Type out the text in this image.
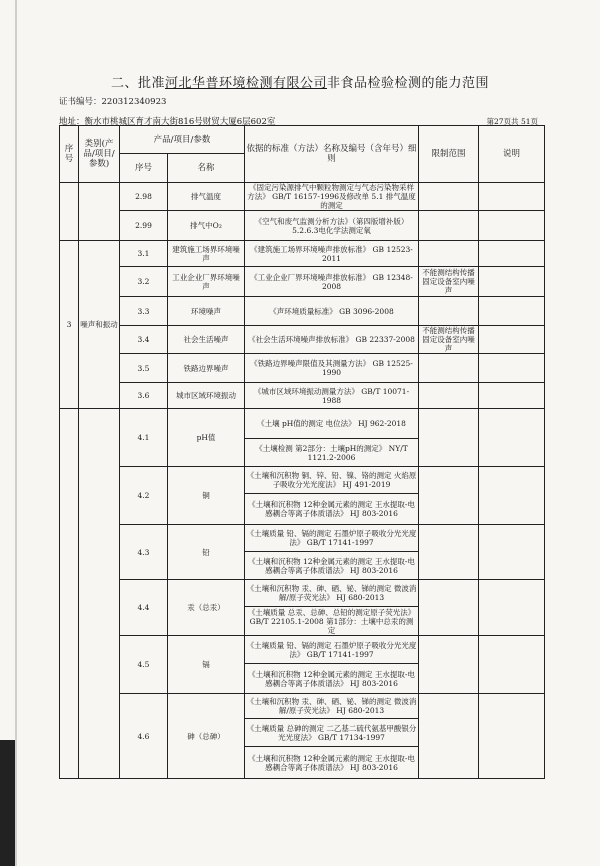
二、批准河北华普环境检测有限公司非食品检验检测的能力范围
证书编号：220312340923
地址：衡水市桃城区育才南大街816号财贸大厦6层602室	第27页共 51页
序号	类别(产品/项目/参数)	产品/项目/参数		依据的标准（方法）名称及编号（含年号）细则	限制范围	说明
		序号	名称			
		2.98	排气温度	《固定污染源排气中颗粒物测定与气态污染物采样方法》 GB/T 16157-1996及修改单 5.1 排气温度的测定		
		2.99	排气中O₂	《空气和废气监测分析方法》（第四版增补版） 5.2.6.3电化学法测定氧		
3	噪声和振动	3.1	建筑施工场界环境噪声	《建筑施工场界环境噪声排放标准》 GB 12523-2011		
		3.2	工业企业厂界环境噪声	《工业企业厂界环境噪声排放标准》 GB 12348-2008	不能测结构传播固定设备室内噪声	
		3.3	环境噪声	《声环境质量标准》 GB 3096-2008		
		3.4	社会生活噪声	《社会生活环境噪声排放标准》 GB 22337-2008	不能测结构传播固定设备室内噪声	
		3.5	铁路边界噪声	《铁路边界噪声限值及其测量方法》 GB 12525-1990		
		3.6	城市区域环境振动	《城市区域环境振动测量方法》 GB/T 10071-1988		
		4.1	pH值	《土壤 pH值的测定 电位法》 HJ 962-2018		
				《土壤检测 第2部分：土壤pH的测定》 NY/T 1121.2-2006		
		4.2	铜	《土壤和沉积物 铜、锌、铅、镍、铬的测定 火焰原子吸收分光光度法》 HJ 491-2019		
				《土壤和沉积物 12种金属元素的测定 王水提取-电感耦合等离子体质谱法》 HJ 803-2016		
		4.3	铅	《土壤质量 铅、镉的测定 石墨炉原子吸收分光光度法》 GB/T 17141-1997		
				《土壤和沉积物 12种金属元素的测定 王水提取-电感耦合等离子体质谱法》 HJ 803-2016		
		4.4	汞（总汞）	《土壤和沉积物 汞、砷、硒、铋、锑的测定 微波消解/原子荧光法》 HJ 680-2013		
				《土壤质量 总汞、总砷、总铅的测定原子荧光法》 GB/T 22105.1-2008 第1部分：土壤中总汞的测定		
		4.5	镉	《土壤质量 铅、镉的测定 石墨炉原子吸收分光光度法》 GB/T 17141-1997		
				《土壤和沉积物 12种金属元素的测定 王水提取-电感耦合等离子体质谱法》 HJ 803-2016		
		4.6	砷（总砷）	《土壤和沉积物 汞、砷、硒、铋、锑的测定 微波消解/原子荧光法》 HJ 680-2013		
				《土壤质量 总砷的测定 二乙基二硫代氨基甲酸银分光光度法》 GB/T 17134-1997		
				《土壤和沉积物 12种金属元素的测定 王水提取-电感耦合等离子体质谱法》 HJ 803-2016		
